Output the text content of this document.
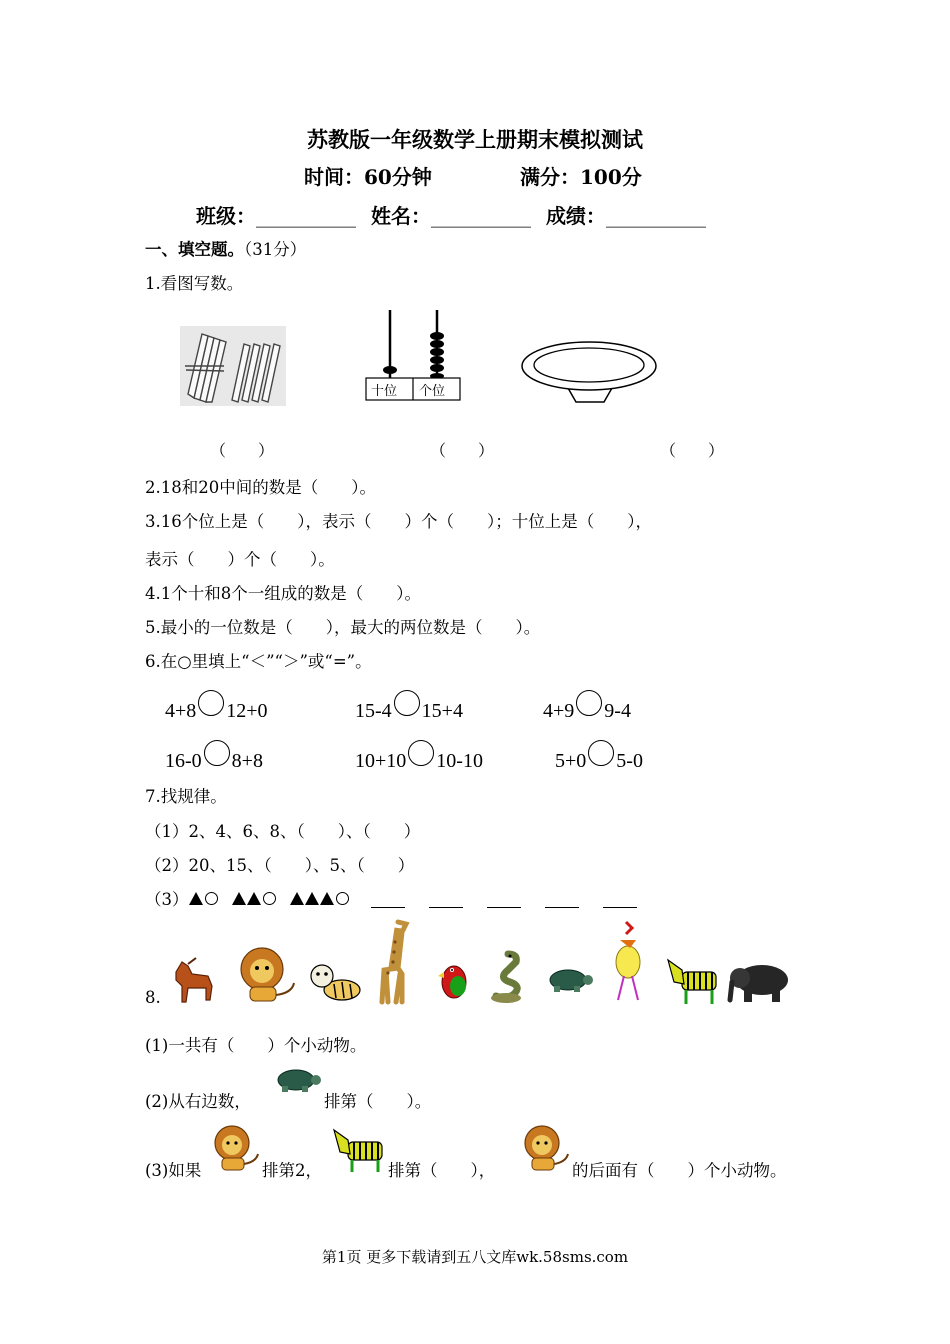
苏教版一年级数学上册期末模拟测试
时间：60分钟	满分：100分
班级：__________ 姓名：__________ 成绩：__________
一、填空题。（31分）
1.看图写数。
十位 个位
（　　）	（　　）	（　　）
2.18和20中间的数是（　　）。
3.16个位上是（　　），表示（　　）个（　　）；十位上是（　　），
表示（　　）个（　　）。
4.1个十和8个一组成的数是（　　）。
5.最小的一位数是（　　），最大的两位数是（　　）。
6.在○里填上“＜”“＞”或“=”。
4+8 12+0	15-4 15+4	4+9 9-4
16-0 8+8	10+10 10-10	5+0 5-0
7.找规律。
（1）2、4、6、8、（　　）、（　　）
（2）20、15、（　　）、5、（　　）
（3）
8.
(1)一共有（　　）个小动物。
(2)从右边数，	排第（　　）。
(3)如果	排第2，	排第（　　），	的后面有（　　）个小动物。
第1页 更多下载请到五八文库wk.58sms.com
